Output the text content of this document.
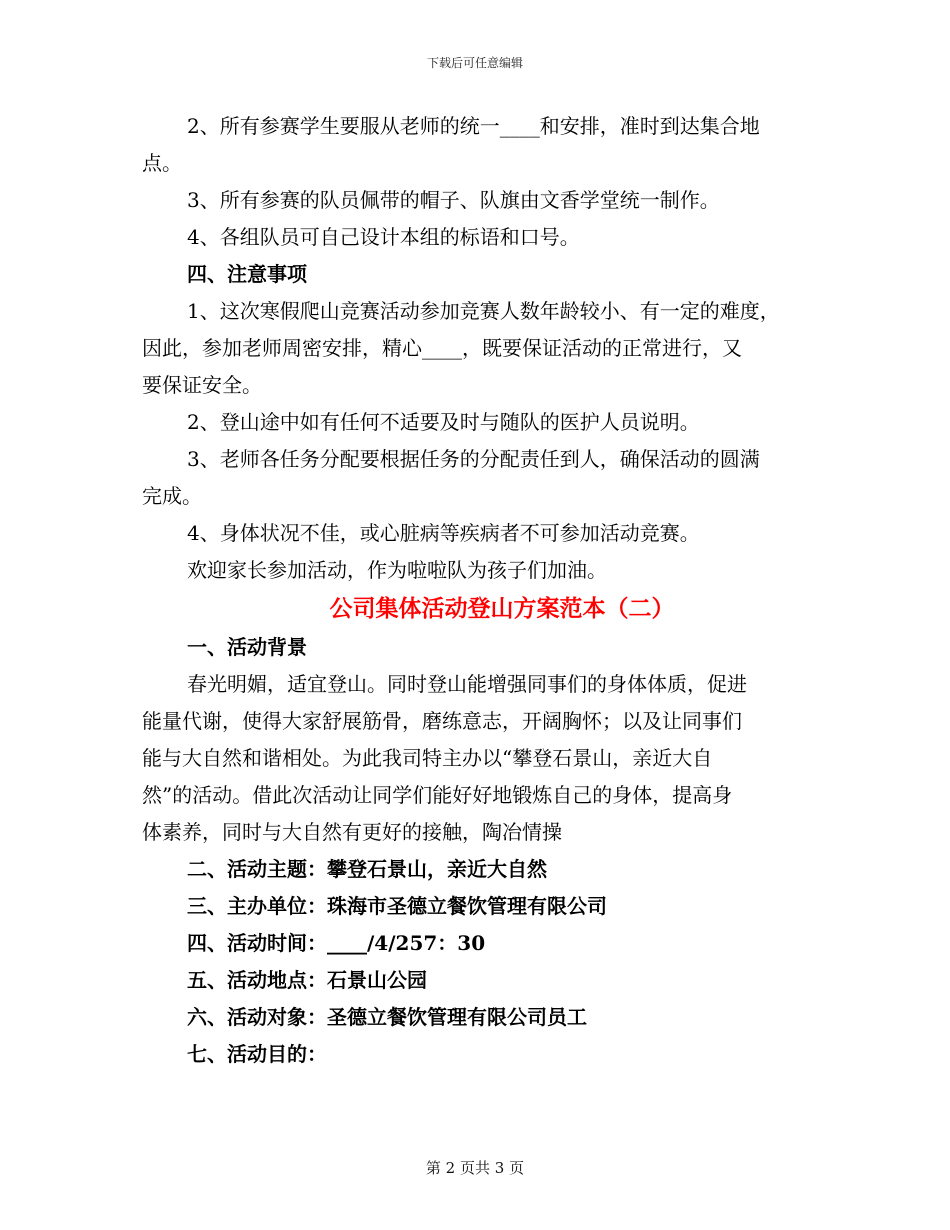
下载后可任意编辑
2、所有参赛学生要服从老师的统一____和安排，准时到达集合地
点。
3、所有参赛的队员佩带的帽子、队旗由文香学堂统一制作。
4、各组队员可自己设计本组的标语和口号。
四、注意事项
1、这次寒假爬山竞赛活动参加竞赛人数年龄较小、有一定的难度，
因此，参加老师周密安排，精心____，既要保证活动的正常进行，又
要保证安全。
2、登山途中如有任何不适要及时与随队的医护人员说明。
3、老师各任务分配要根据任务的分配责任到人，确保活动的圆满
完成。
4、身体状况不佳，或心脏病等疾病者不可参加活动竞赛。
欢迎家长参加活动，作为啦啦队为孩子们加油。
公司集体活动登山方案范本（二）
一、活动背景
春光明媚，适宜登山。同时登山能增强同事们的身体体质，促进
能量代谢，使得大家舒展筋骨，磨练意志，开阔胸怀；以及让同事们
能与大自然和谐相处。为此我司特主办以“攀登石景山，亲近大自
然”的活动。借此次活动让同学们能好好地锻炼自己的身体，提高身
体素养，同时与大自然有更好的接触，陶冶情操
二、活动主题：攀登石景山，亲近大自然
三、主办单位：珠海市圣德立餐饮管理有限公司
四、活动时间：____/4/257：30
五、活动地点：石景山公园
六、活动对象：圣德立餐饮管理有限公司员工
七、活动目的：
第 2 页共 3 页
